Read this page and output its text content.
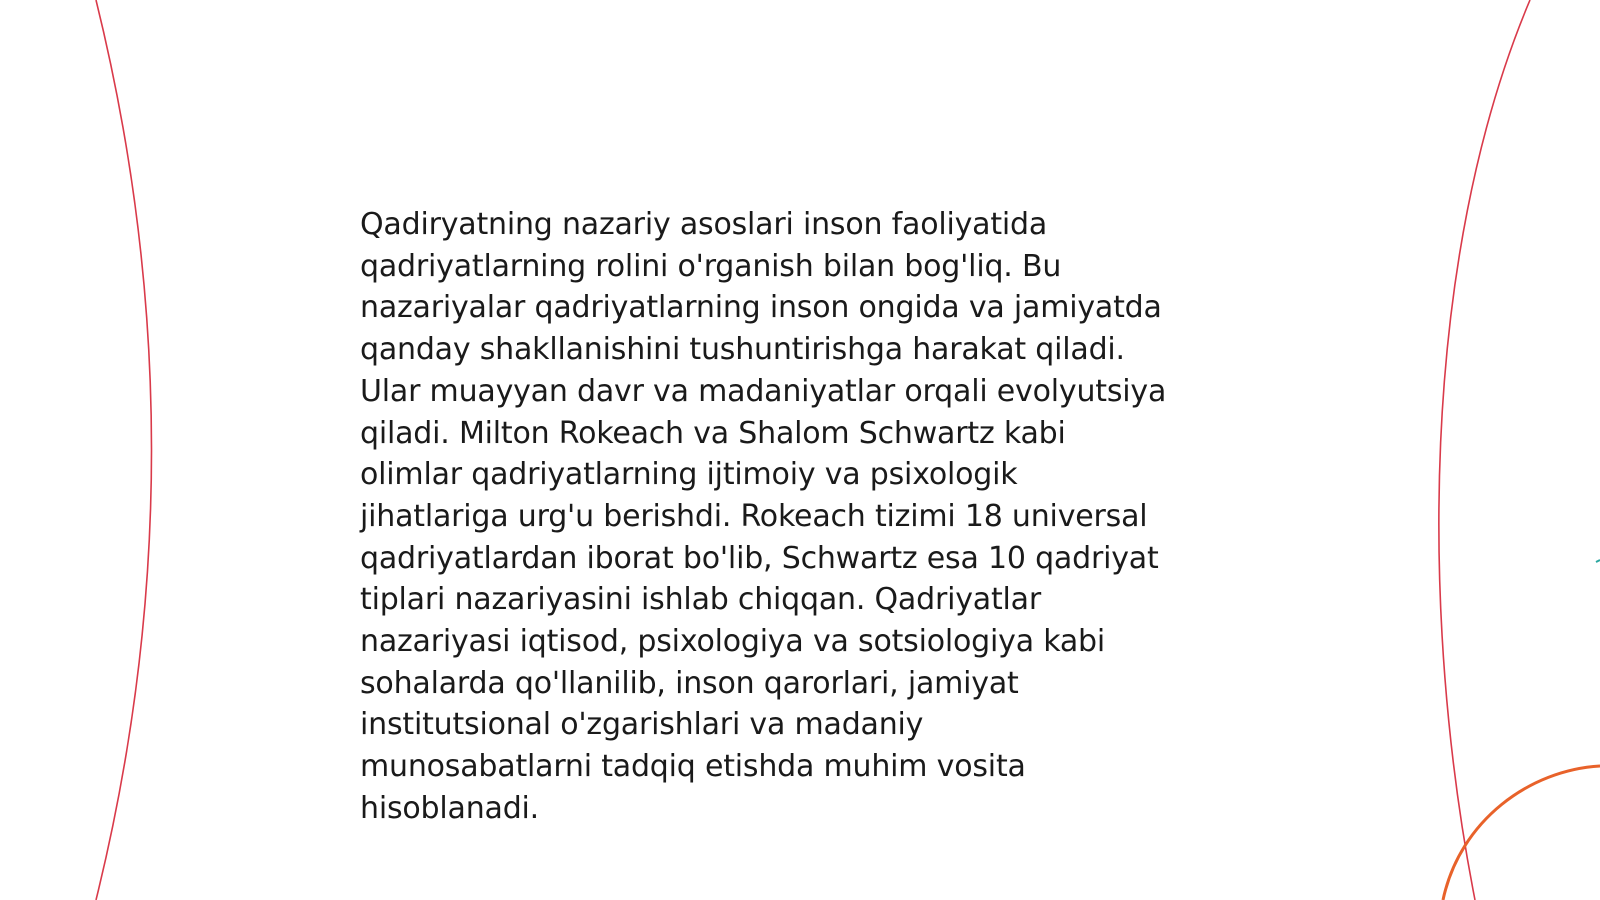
Qadiryatning nazariy asoslari inson faoliyatida
qadriyatlarning rolini o'rganish bilan bog'liq. Bu
nazariyalar qadriyatlarning inson ongida va jamiyatda
qanday shakllanishini tushuntirishga harakat qiladi.
Ular muayyan davr va madaniyatlar orqali evolyutsiya
qiladi. Milton Rokeach va Shalom Schwartz kabi
olimlar qadriyatlarning ijtimoiy va psixologik
jihatlariga urg'u berishdi. Rokeach tizimi 18 universal
qadriyatlardan iborat bo'lib, Schwartz esa 10 qadriyat
tiplari nazariyasini ishlab chiqqan. Qadriyatlar
nazariyasi iqtisod, psixologiya va sotsiologiya kabi
sohalarda qo'llanilib, inson qarorlari, jamiyat
institutsional o'zgarishlari va madaniy
munosabatlarni tadqiq etishda muhim vosita
hisoblanadi.
